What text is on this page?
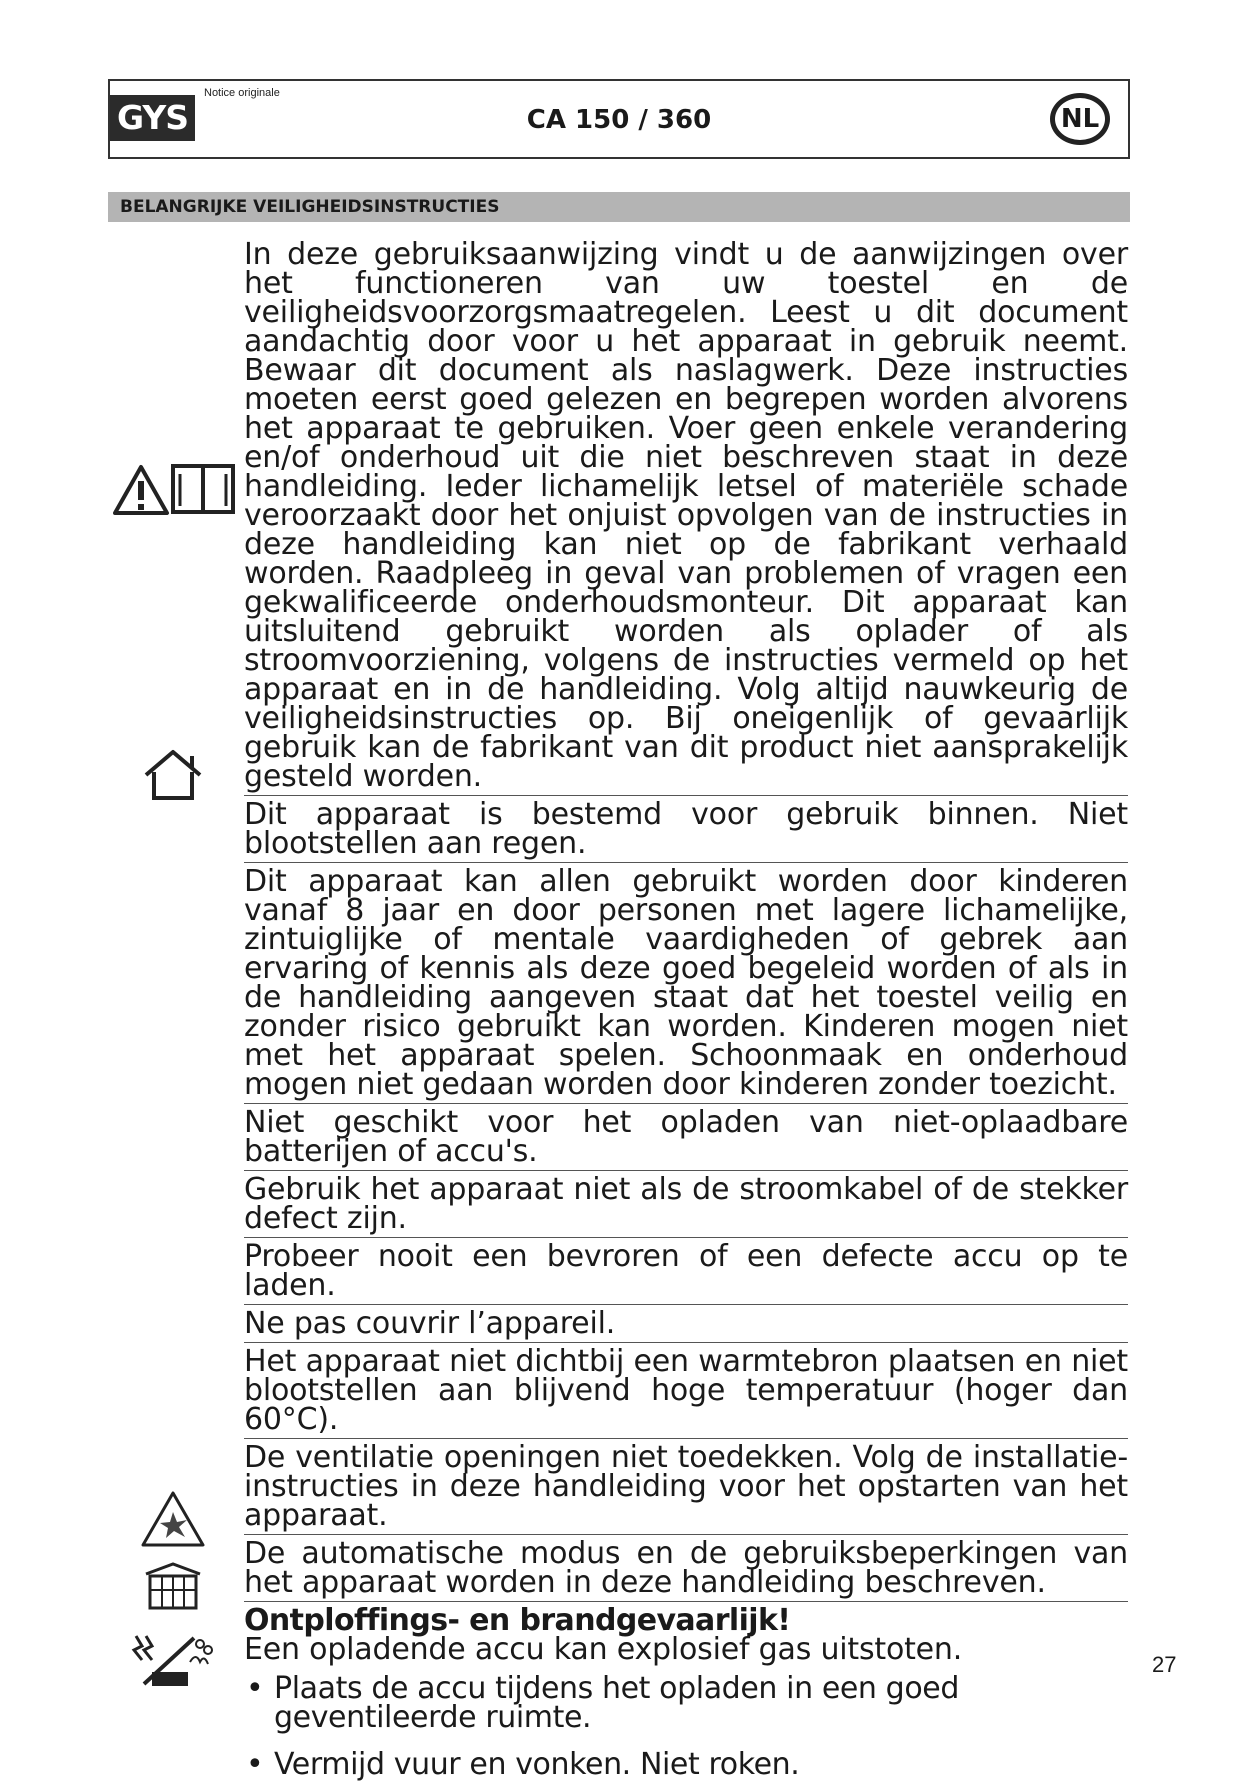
GYS
Notice originale
CA 150 / 360	NL
BELANGRIJKE VEILIGHEIDSINSTRUCTIES
In deze gebruiksaanwijzing vindt u de aanwijzingen over het functioneren van uw toestel en de veiligheidsvoorzorgsmaatregelen. Leest u dit document aandachtig door voor u het apparaat in gebruik neemt. Bewaar dit document als naslagwerk. Deze instructies moeten eerst goed gelezen en begrepen worden alvorens het apparaat te gebruiken. Voer geen enkele verandering en/of onderhoud uit die niet beschreven staat in deze handleiding. Ieder lichamelijk letsel of materiële schade veroorzaakt door het onjuist opvolgen van de instructies in deze handleiding kan niet op de fabrikant verhaald worden. Raadpleeg in geval van problemen of vragen een gekwalificeerde onderhoudsmonteur. Dit apparaat kan uitsluitend gebruikt worden als oplader of als stroomvoorziening, volgens de instructies vermeld op het apparaat en in de handleiding. Volg altijd nauwkeurig de veiligheidsinstructies op. Bij oneigenlijk of gevaarlijk gebruik kan de fabrikant van dit product niet aansprakelijk gesteld worden.
Dit apparaat is bestemd voor gebruik binnen. Niet blootstellen aan regen.
Dit apparaat kan allen gebruikt worden door kinderen vanaf 8 jaar en door personen met lagere lichamelijke, zintuiglijke of mentale vaardigheden of gebrek aan ervaring of kennis als deze goed begeleid worden of als in de handleiding aangeven staat dat het toestel veilig en zonder risico gebruikt kan worden. Kinderen mogen niet met het apparaat spelen. Schoonmaak en onderhoud mogen niet gedaan worden door kinderen zonder toezicht.
Niet geschikt voor het opladen van niet-oplaadbare batterijen of accu's.
Gebruik het apparaat niet als de stroomkabel of de stekker defect zijn.
Probeer nooit een bevroren of een defecte accu op te laden.
Ne pas couvrir l’appareil.
Het apparaat niet dichtbij een warmtebron plaatsen en niet blootstellen aan blijvend hoge temperatuur (hoger dan 60°C).
De ventilatie openingen niet toedekken. Volg de installatie-instructies in deze handleiding voor het opstarten van het apparaat.
De automatische modus en de gebruiksbeperkingen van het apparaat worden in deze handleiding beschreven.
Ontploffings- en brandgevaarlijk!
Een opladende accu kan explosief gas uitstoten.
• Plaats de accu tijdens het opladen in een goed geventileerde ruimte.
• Vermijd vuur en vonken. Niet roken.
27
